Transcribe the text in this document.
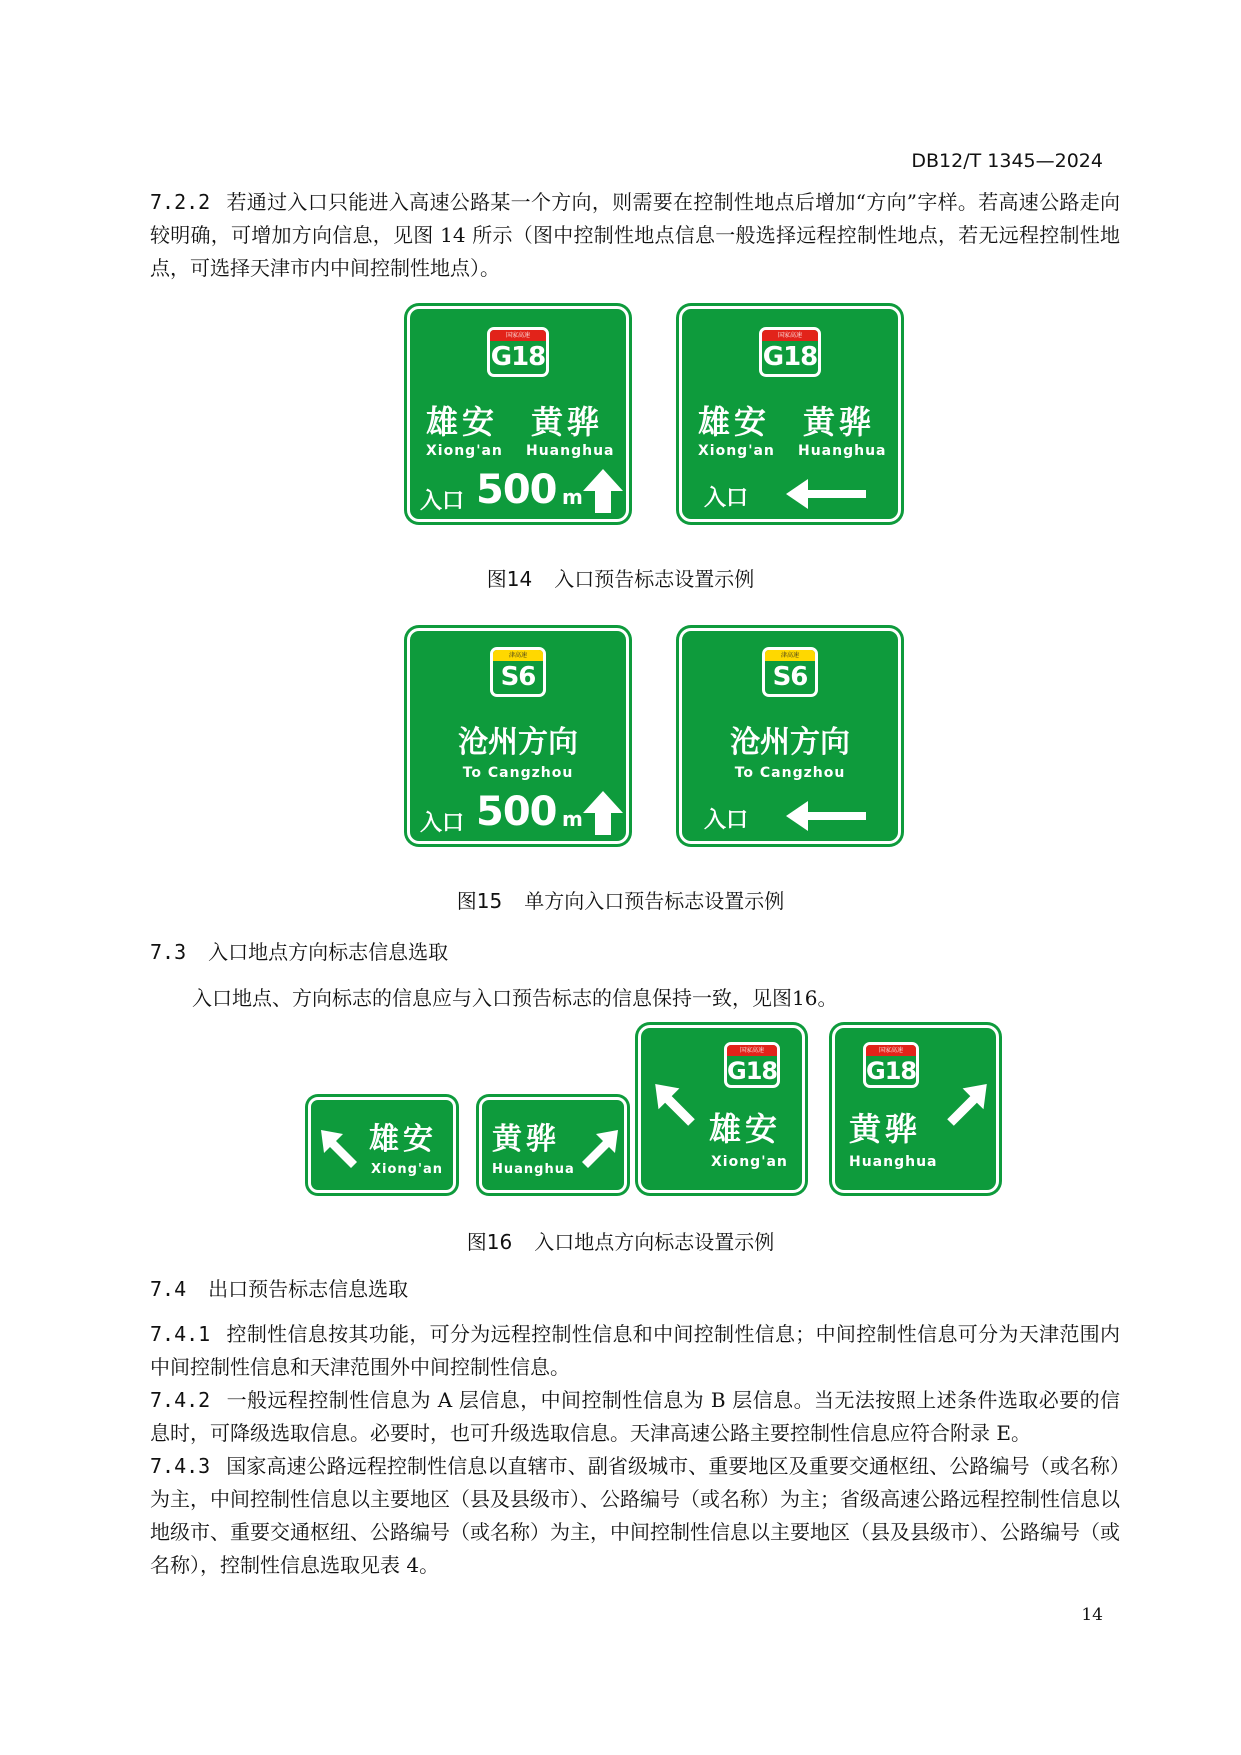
DB12/T 1345—2024
7.2.2 若通过入口只能进入高速公路某一个方向，则需要在控制性地点后增加“方向”字样。若高速公路走向较明确，可增加方向信息，见图 14 所示（图中控制性地点信息一般选择远程控制性地点，若无远程控制性地点，可选择天津市内中间控制性地点）。
国家高速
G18
雄安 黄骅
Xiong'an Huanghua
入口 500 m
国家高速
G18
雄安 黄骅
Xiong'an Huanghua
入口
图14 入口预告标志设置示例
津高速
S6
沧州方向
To Cangzhou
入口 500 m
津高速
S6
沧州方向
To Cangzhou
入口
图15 单方向入口预告标志设置示例
7.3 入口地点方向标志信息选取
入口地点、方向标志的信息应与入口预告标志的信息保持一致，见图16。
雄安
Xiong'an
黄骅
Huanghua
国家高速
G18
雄安
Xiong'an
国家高速
G18
黄骅
Huanghua
图16 入口地点方向标志设置示例
7.4 出口预告标志信息选取
7.4.1 控制性信息按其功能，可分为远程控制性信息和中间控制性信息；中间控制性信息可分为天津范围内中间控制性信息和天津范围外中间控制性信息。
7.4.2 一般远程控制性信息为 A 层信息，中间控制性信息为 B 层信息。当无法按照上述条件选取必要的信息时，可降级选取信息。必要时，也可升级选取信息。天津高速公路主要控制性信息应符合附录 E。
7.4.3 国家高速公路远程控制性信息以直辖市、副省级城市、重要地区及重要交通枢纽、公路编号（或名称）为主，中间控制性信息以主要地区（县及县级市）、公路编号（或名称）为主；省级高速公路远程控制性信息以地级市、重要交通枢纽、公路编号（或名称）为主，中间控制性信息以主要地区（县及县级市）、公路编号（或名称），控制性信息选取见表 4。
14
